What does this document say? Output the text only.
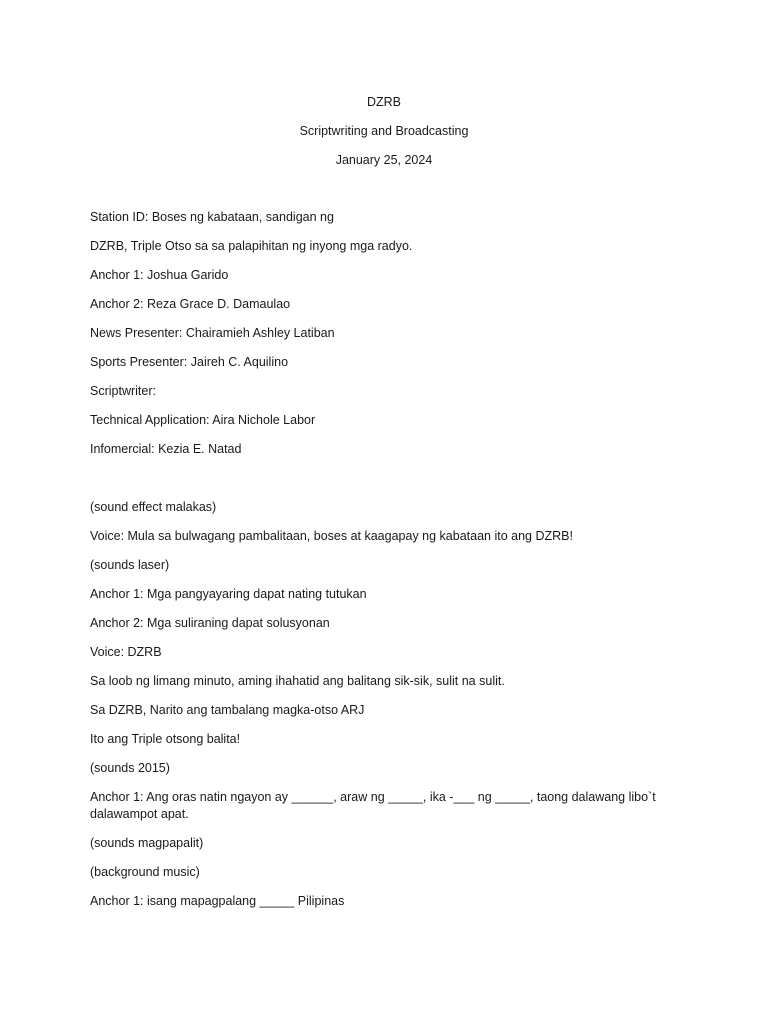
DZRB

Scriptwriting and Broadcasting

January 25, 2024

Station ID: Boses ng kabataan, sandigan ng

DZRB, Triple Otso sa sa palapihitan ng inyong mga radyo.

Anchor 1: Joshua Garido

Anchor 2: Reza Grace D. Damaulao

News Presenter: Chairamieh Ashley Latiban

Sports Presenter: Jaireh C. Aquilino

Scriptwriter:

Technical Application: Aira Nichole Labor

Infomercial: Kezia E. Natad

(sound effect malakas)

Voice: Mula sa bulwagang pambalitaan, boses at kaagapay ng kabataan ito ang DZRB!

(sounds laser)

Anchor 1: Mga pangyayaring dapat nating tutukan

Anchor 2: Mga suliraning dapat solusyonan

Voice: DZRB

Sa loob ng limang minuto, aming ihahatid ang balitang sik-sik, sulit na sulit.

Sa DZRB, Narito ang tambalang magka-otso ARJ

Ito ang Triple otsong balita!

(sounds 2015)

Anchor 1: Ang oras natin ngayon ay ______, araw ng _____, ika -___ ng _____, taong dalawang libo`t dalawampot apat.

(sounds magpapalit)

(background music)

Anchor 1: isang mapagpalang _____ Pilipinas
